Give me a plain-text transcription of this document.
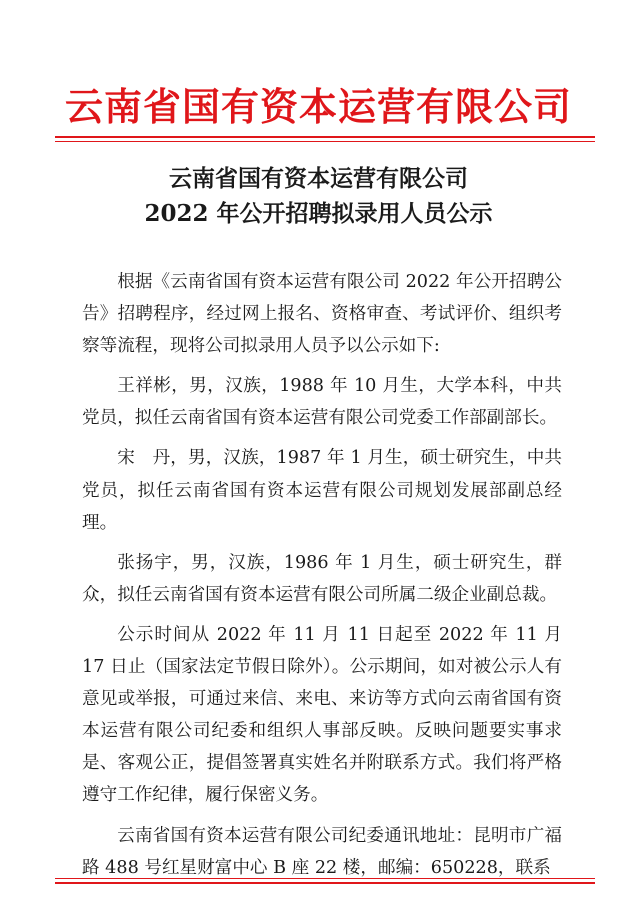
云南省国有资本运营有限公司
云南省国有资本运营有限公司
2022 年公开招聘拟录用人员公示

根据《云南省国有资本运营有限公司 2022 年公开招聘公告》招聘程序，经过网上报名、资格审查、考试评价、组织考察等流程，现将公司拟录用人员予以公示如下:

王祥彬，男，汉族，1988 年 10 月生，大学本科，中共党员，拟任云南省国有资本运营有限公司党委工作部副部长。

宋　丹，男，汉族，1987 年 1 月生，硕士研究生，中共党员，拟任云南省国有资本运营有限公司规划发展部副总经理。

张扬宇，男，汉族，1986 年 1 月生，硕士研究生，群众，拟任云南省国有资本运营有限公司所属二级企业副总裁。

公示时间从 2022 年 11 月 11 日起至 2022 年 11 月 17 日止（国家法定节假日除外）。公示期间，如对被公示人有意见或举报，可通过来信、来电、来访等方式向云南省国有资本运营有限公司纪委和组织人事部反映。反映问题要实事求是、客观公正，提倡签署真实姓名并附联系方式。我们将严格遵守工作纪律，履行保密义务。

云南省国有资本运营有限公司纪委通讯地址：昆明市广福路 488 号红星财富中心 B 座 22 楼，邮编：650228，联系
